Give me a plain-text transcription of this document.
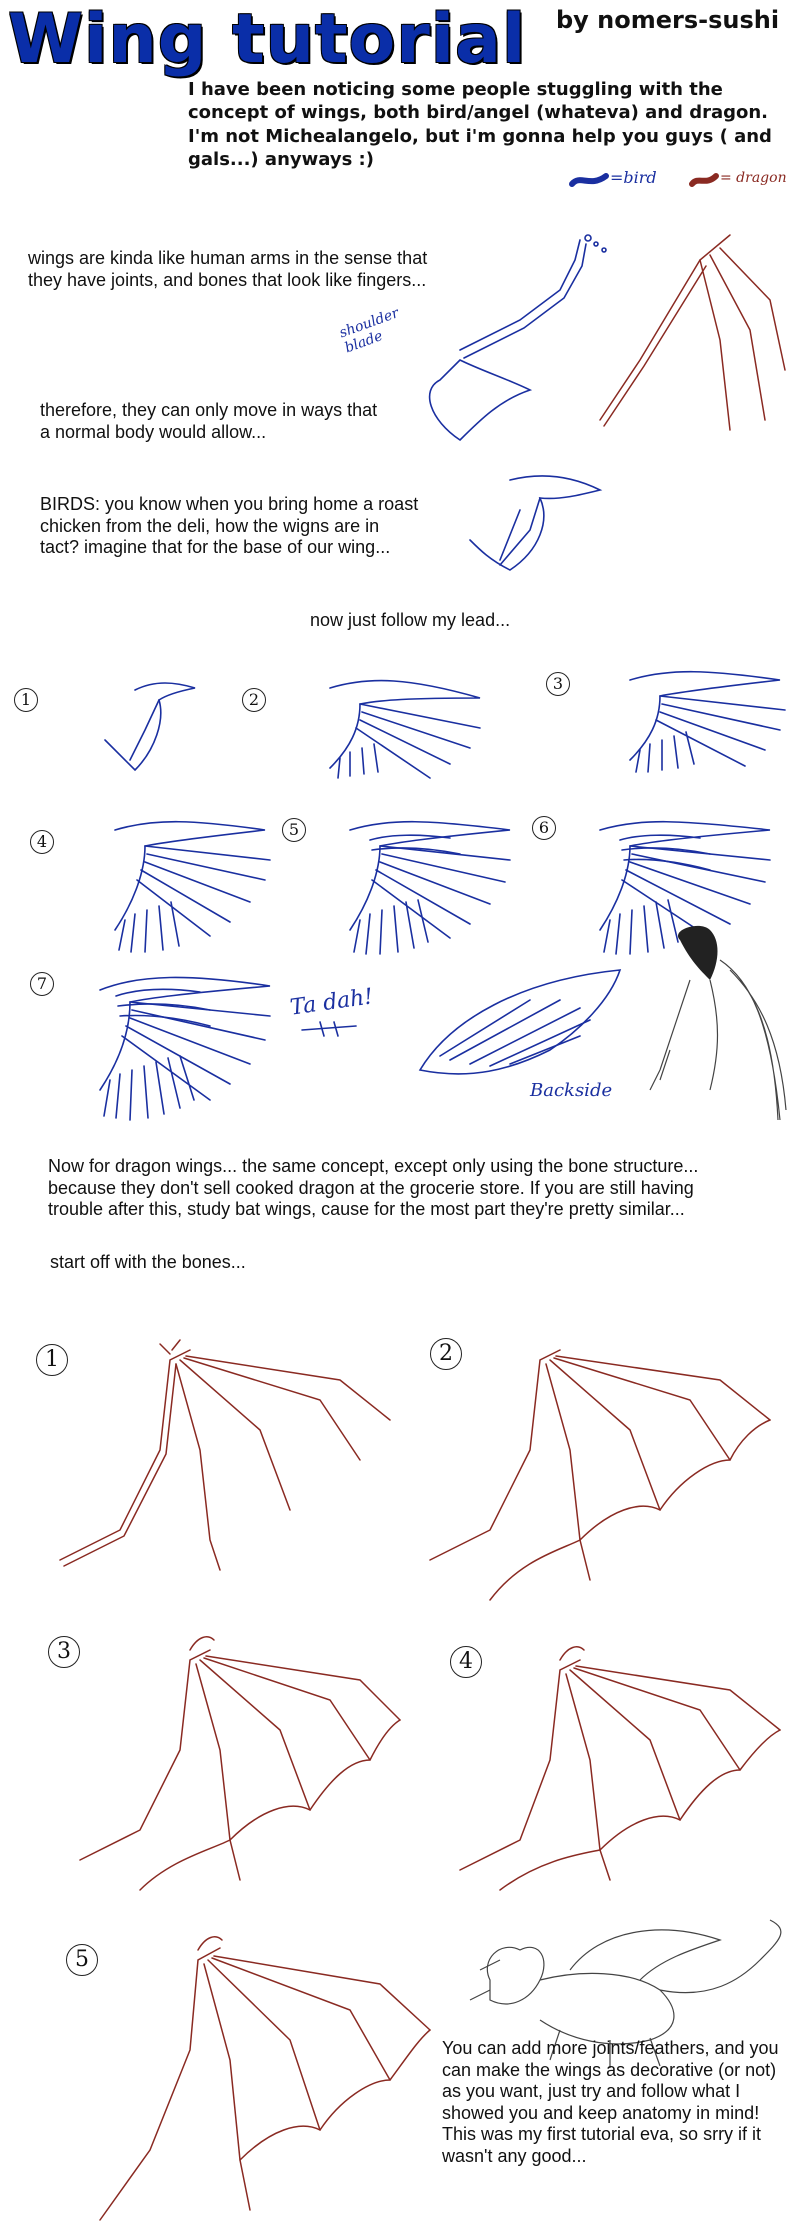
Wing tutorial by nomers-sushi
I have been noticing some people stuggling with the concept of wings, both bird/angel (whateva) and dragon. I'm not Michealangelo, but i'm gonna help you guys ( and gals...) anyways :)
=bird	= dragon
wings are kinda like human arms in the sense that they have joints, and bones that look like fingers...
therefore, they can only move in ways that a normal body would allow...
BIRDS: you know when you bring home a roast chicken from the deli, how the wigns are in tact? imagine that for the base of our wing...
now just follow my lead...
shoulder blade
1	2
3
4
5	6
7
Ta dah!
Backside
Now for dragon wings... the same concept, except only using the bone structure... because they don't sell cooked dragon at the grocerie store. If you are still having trouble after this, study bat wings, cause for the most part they're pretty similar...
start off with the bones...
1	2
3	4
5
You can add more joints/feathers, and you can make the wings as decorative (or not) as you want, just try and follow what I showed you and keep anatomy in mind! This was my first tutorial eva, so srry if it wasn't any good...
